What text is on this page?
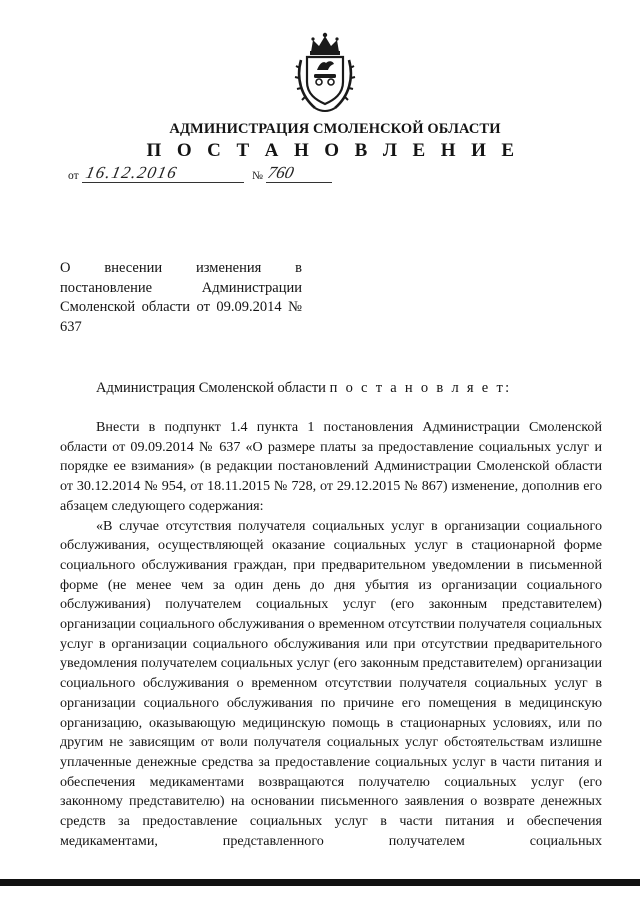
АДМИНИСТРАЦИЯ СМОЛЕНСКОЙ ОБЛАСТИ
П О С Т А Н О В Л Е Н И Е
от 16.12.2016	№ 760

О внесении изменения в постановление Администрации Смоленской области от 09.09.2014 № 637

Администрация Смоленской области п о с т а н о в л я е т:

Внести в подпункт 1.4 пункта 1 постановления Администрации Смоленской области от 09.09.2014 № 637 «О размере платы за предоставление социальных услуг и порядке ее взимания» (в редакции постановлений Администрации Смоленской области от 30.12.2014 № 954, от 18.11.2015 № 728, от 29.12.2015 № 867) изменение, дополнив его абзацем следующего содержания:

«В случае отсутствия получателя социальных услуг в организации социального обслуживания, осуществляющей оказание социальных услуг в стационарной форме социального обслуживания граждан, при предварительном уведомлении в письменной форме (не менее чем за один день до дня убытия из организации социального обслуживания) получателем социальных услуг (его законным представителем) организации социального обслуживания о временном отсутствии получателя социальных услуг в организации социального обслуживания или при отсутствии предварительного уведомления получателем социальных услуг (его законным представителем) организации социального обслуживания о временном отсутствии получателя социальных услуг в организации социального обслуживания по причине его помещения в медицинскую организацию, оказывающую медицинскую помощь в стационарных условиях, или по другим не зависящим от воли получателя социальных услуг обстоятельствам излишне уплаченные денежные средства за предоставление социальных услуг в части питания и обеспечения медикаментами возвращаются получателю социальных услуг (его законному представителю) на основании письменного заявления о возврате денежных средств за предоставление социальных услуг в части питания и обеспечения медикаментами, представленного получателем социальных
